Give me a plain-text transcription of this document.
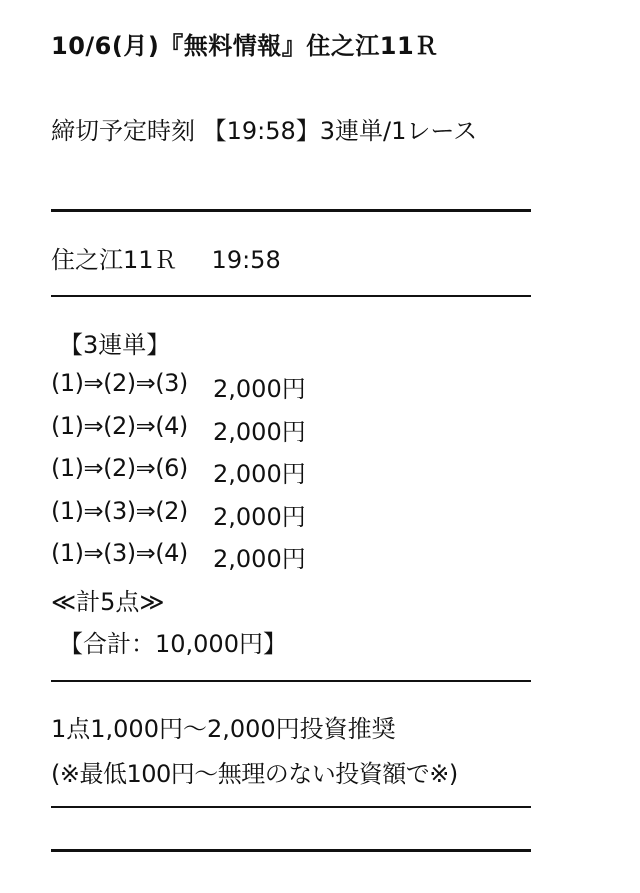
10/6(月)『無料情報』住之江11Ｒ
締切予定時刻 【19:58】3連単/1レース
住之江11Ｒ 19:58
【3連単】
(1)⇒(2)⇒(3)	2,000円
(1)⇒(2)⇒(4)	2,000円
(1)⇒(2)⇒(6)	2,000円
(1)⇒(3)⇒(2)	2,000円
(1)⇒(3)⇒(4)	2,000円
≪計5点≫
【合計：10,000円】
1点1,000円～2,000円投資推奨
(※最低100円～無理のない投資額で※)
